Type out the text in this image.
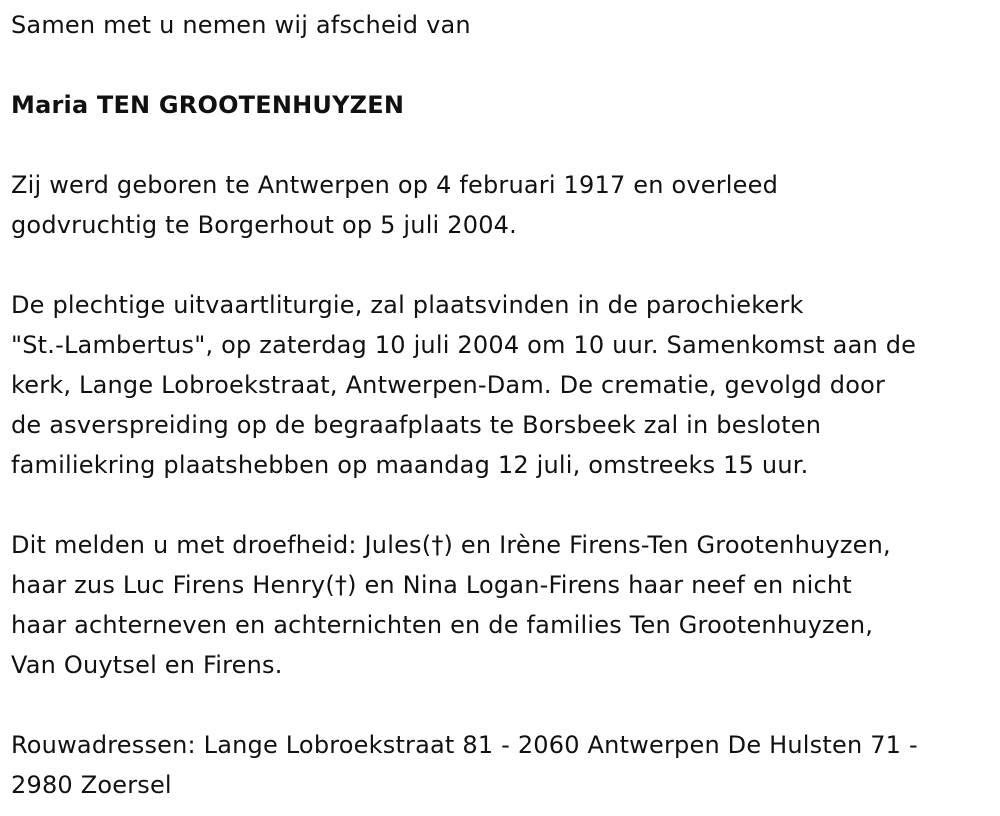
Samen met u nemen wij afscheid van
Maria TEN GROOTENHUYZEN
Zij werd geboren te Antwerpen op 4 februari 1917 en overleed
godvruchtig te Borgerhout op 5 juli 2004.
De plechtige uitvaartliturgie, zal plaatsvinden in de parochiekerk
"St.-Lambertus", op zaterdag 10 juli 2004 om 10 uur. Samenkomst aan de
kerk, Lange Lobroekstraat, Antwerpen-Dam. De crematie, gevolgd door
de asverspreiding op de begraafplaats te Borsbeek zal in besloten
familiekring plaatshebben op maandag 12 juli, omstreeks 15 uur.
Dit melden u met droefheid: Jules(†) en Irène Firens-Ten Grootenhuyzen,
haar zus Luc Firens Henry(†) en Nina Logan-Firens haar neef en nicht
haar achterneven en achternichten en de families Ten Grootenhuyzen,
Van Ouytsel en Firens.
Rouwadressen: Lange Lobroekstraat 81 - 2060 Antwerpen De Hulsten 71 -
2980 Zoersel
